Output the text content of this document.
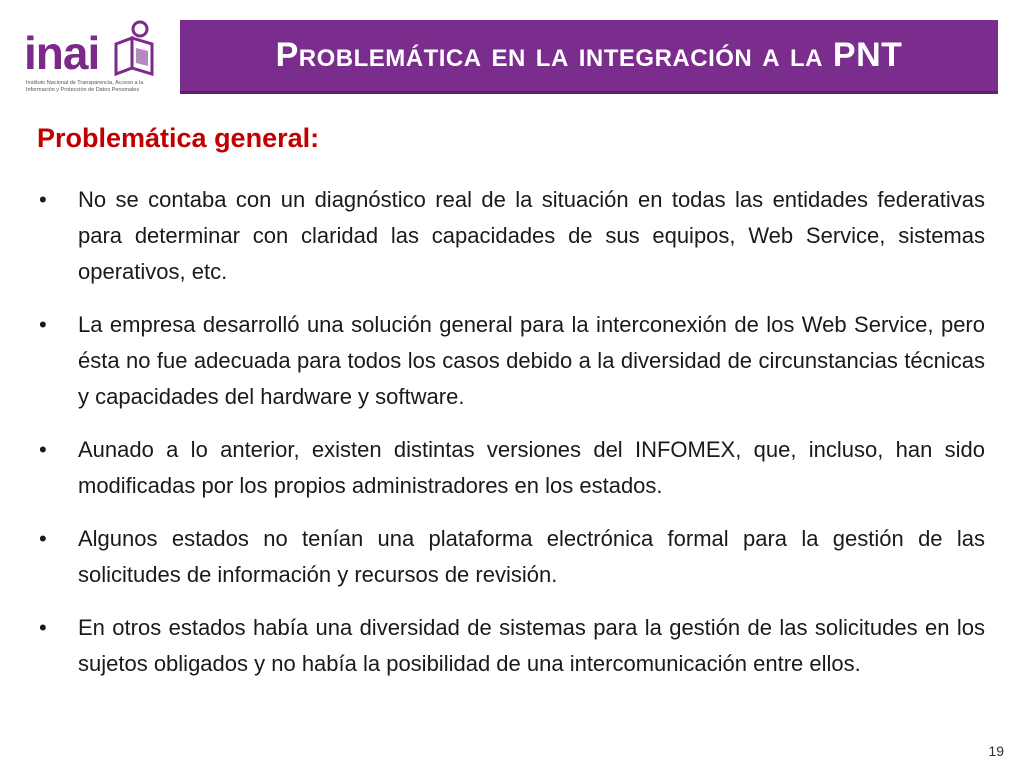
inai
Instituto Nacional de Transparencia, Acceso a la Información y Protección de Datos Personales
Problemática en la integración a la PNT
Problemática general:
• No se contaba con un diagnóstico real de la situación en todas las entidades federativas para determinar con claridad las capacidades de sus equipos, Web Service, sistemas operativos, etc.
• La empresa desarrolló una solución general para la interconexión de los Web Service, pero ésta no fue adecuada para todos los casos debido a la diversidad de circunstancias técnicas y capacidades del hardware y software.
• Aunado a lo anterior, existen distintas versiones del INFOMEX, que, incluso, han sido modificadas por los propios administradores en los estados.
• Algunos estados no tenían una plataforma electrónica formal para la gestión de las solicitudes de información y recursos de revisión.
• En otros estados había una diversidad de sistemas para la gestión de las solicitudes en los sujetos obligados y no había la posibilidad de una intercomunicación entre ellos.
19
